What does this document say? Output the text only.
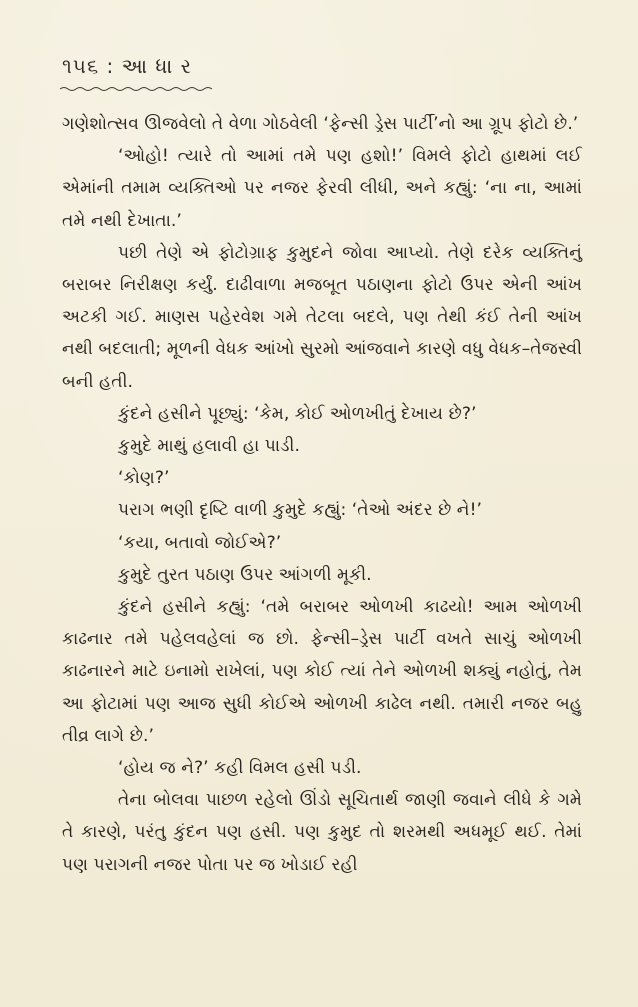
૧૫૬ : આ ધા ર

ગણેશોત્સવ ઊજવેલો તે વેળા ગોઠવેલી ‘ફેન્સી ડ્રેસ પાર્ટી’નો આ ગ્રૂપ ફોટો છે.’

‘ઓહો! ત્યારે તો આમાં તમે પણ હશો!’ વિમલે ફોટો હાથમાં લઈ એમાંની તમામ વ્યક્તિઓ પર નજર ફેરવી લીધી, અને કહ્યું: ‘ના ના, આમાં તમે નથી દેખાતા.’

પછી તેણે એ ફોટોગ્રાફ કુમુદને જોવા આપ્યો. તેણે દરેક વ્યક્તિનું બરાબર નિરીક્ષણ કર્યું. દાઢીવાળા મજબૂત પઠાણના ફોટો ઉપર એની આંખ અટકી ગઈ. માણસ પહેરવેશ ગમે તેટલા બદલે, પણ તેથી કંઈ તેની આંખ નથી બદલાતી; મૂળની વેધક આંખો સુરમો આંજવાને કારણે વધુ વેધક–તેજસ્વી બની હતી.

કુંદને હસીને પૂછ્યું: ‘કેમ, કોઈ ઓળખીતું દેખાય છે?’

કુમુદે માથું હલાવી હા પાડી.

‘કોણ?’

પરાગ ભણી દૃષ્ટિ વાળી કુમુદે કહ્યું: ‘તેઓ અંદર છે ને!’

‘કયા, બતાવો જોઈએ?’

કુમુદે તુરત પઠાણ ઉપર આંગળી મૂકી.

કુંદને હસીને કહ્યું: ‘તમે બરાબર ઓળખી કાઢયો! આમ ઓળખી કાઢનાર તમે પહેલવહેલાં જ છો. ફેન્સી–ડ્રેસ પાર્ટી વખતે સાચું ઓળખી કાઢનારને માટે ઇનામો રાખેલાં, પણ કોઈ ત્યાં તેને ઓળખી શક્યું નહોતું, તેમ આ ફોટામાં પણ આજ સુધી કોઈએ ઓળખી કાઢેલ નથી. તમારી નજર બહુ તીવ્ર લાગે છે.’

‘હોય જ ને?’ કહી વિમલ હસી પડી.

તેના બોલવા પાછળ રહેલો ઊંડો સૂચિતાર્થ જાણી જવાને લીધે કે ગમે તે કારણે, પરંતુ કુંદન પણ હસી. પણ કુમુદ તો શરમથી અધમૂઈ થઈ. તેમાં પણ પરાગની નજર પોતા પર જ ખોડાઈ રહી
